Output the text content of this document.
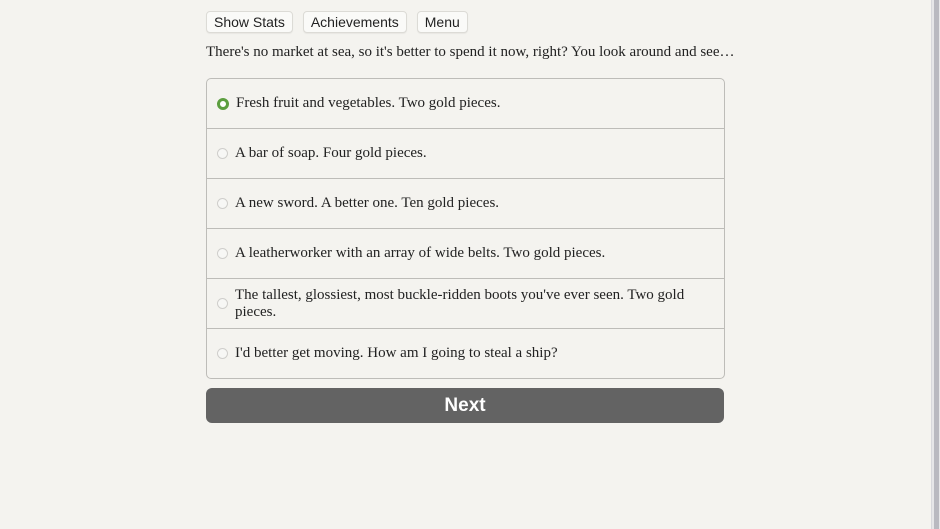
Show Stats	Achievements	Menu
There's no market at sea, so it's better to spend it now, right? You look around and see…
Fresh fruit and vegetables. Two gold pieces.
A bar of soap. Four gold pieces.
A new sword. A better one. Ten gold pieces.
A leatherworker with an array of wide belts. Two gold pieces.
The tallest, glossiest, most buckle-ridden boots you've ever seen. Two gold pieces.
I'd better get moving. How am I going to steal a ship?
Next
